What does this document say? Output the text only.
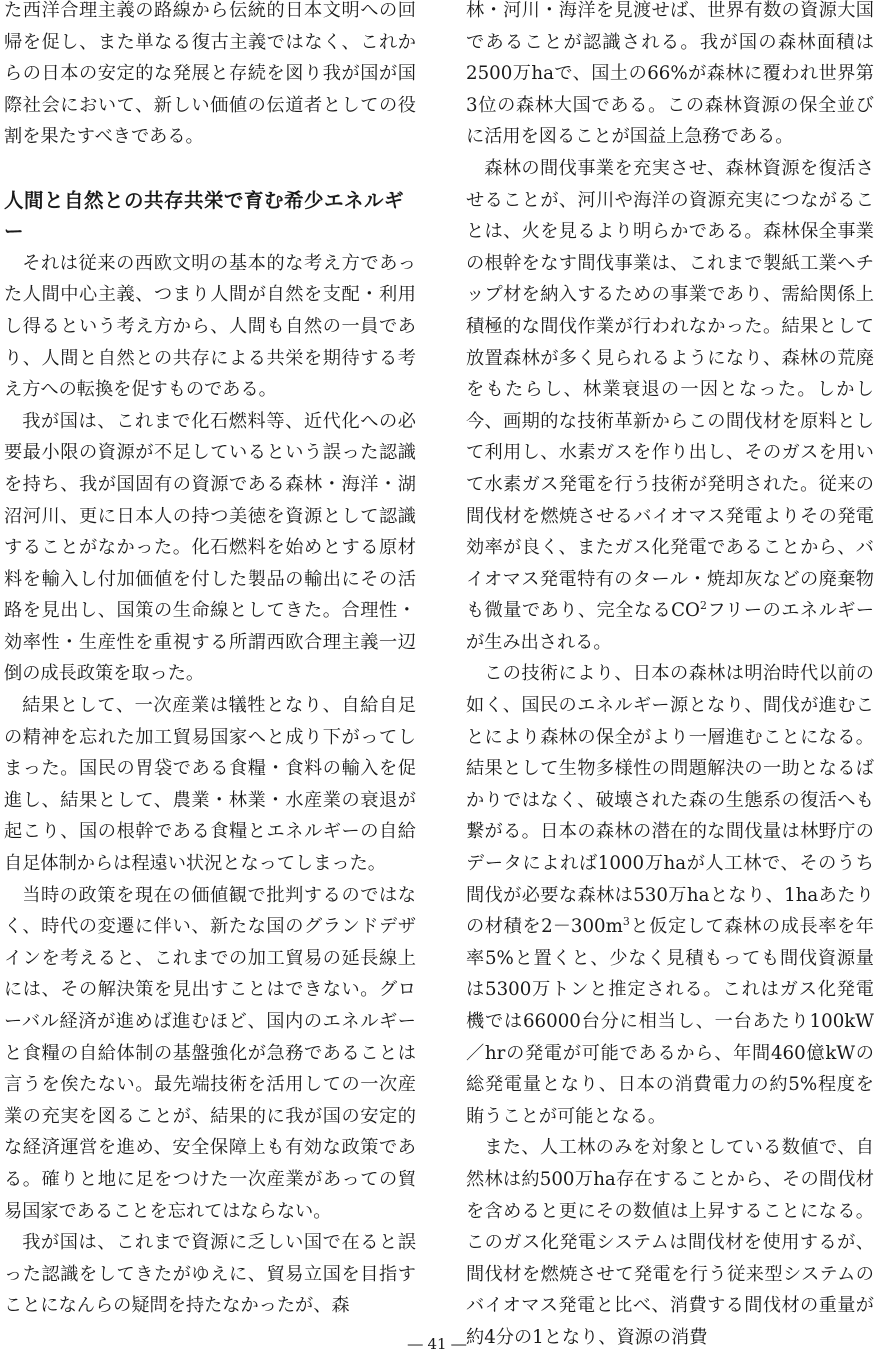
た西洋合理主義の路線から伝統的日本文明への回帰を促し、また単なる復古主義ではなく、これからの日本の安定的な発展と存続を図り我が国が国際社会において、新しい価値の伝道者としての役割を果たすべきである。

人間と自然との共存共栄で育む希少エネルギー

それは従来の西欧文明の基本的な考え方であった人間中心主義、つまり人間が自然を支配・利用し得るという考え方から、人間も自然の一員であり、人間と自然との共存による共栄を期待する考え方への転換を促すものである。

我が国は、これまで化石燃料等、近代化への必要最小限の資源が不足しているという誤った認識を持ち、我が国固有の資源である森林・海洋・湖沼河川、更に日本人の持つ美徳を資源として認識することがなかった。化石燃料を始めとする原材料を輸入し付加価値を付した製品の輸出にその活路を見出し、国策の生命線としてきた。合理性・効率性・生産性を重視する所謂西欧合理主義一辺倒の成長政策を取った。

結果として、一次産業は犠牲となり、自給自足の精神を忘れた加工貿易国家へと成り下がってしまった。国民の胃袋である食糧・食料の輸入を促進し、結果として、農業・林業・水産業の衰退が起こり、国の根幹である食糧とエネルギーの自給自足体制からは程遠い状況となってしまった。

当時の政策を現在の価値観で批判するのではなく、時代の変遷に伴い、新たな国のグランドデザインを考えると、これまでの加工貿易の延長線上には、その解決策を見出すことはできない。グローバル経済が進めば進むほど、国内のエネルギーと食糧の自給体制の基盤強化が急務であることは言うを俟たない。最先端技術を活用しての一次産業の充実を図ることが、結果的に我が国の安定的な経済運営を進め、安全保障上も有効な政策である。確りと地に足をつけた一次産業があっての貿易国家であることを忘れてはならない。

我が国は、これまで資源に乏しい国で在ると誤った認識をしてきたがゆえに、貿易立国を目指すことになんらの疑問を持たなかったが、森

林・河川・海洋を見渡せば、世界有数の資源大国であることが認識される。我が国の森林面積は2500万haで、国土の66%が森林に覆われ世界第3位の森林大国である。この森林資源の保全並びに活用を図ることが国益上急務である。

森林の間伐事業を充実させ、森林資源を復活させることが、河川や海洋の資源充実につながることは、火を見るより明らかである。森林保全事業の根幹をなす間伐事業は、これまで製紙工業へチップ材を納入するための事業であり、需給関係上積極的な間伐作業が行われなかった。結果として放置森林が多く見られるようになり、森林の荒廃をもたらし、林業衰退の一因となった。しかし今、画期的な技術革新からこの間伐材を原料として利用し、水素ガスを作り出し、そのガスを用いて水素ガス発電を行う技術が発明された。従来の間伐材を燃焼させるバイオマス発電よりその発電効率が良く、またガス化発電であることから、バイオマス発電特有のタール・焼却灰などの廃棄物も微量であり、完全なる$CO^2$フリーのエネルギーが生み出される。

この技術により、日本の森林は明治時代以前の如く、国民のエネルギー源となり、間伐が進むことにより森林の保全がより一層進むことになる。結果として生物多様性の問題解決の一助となるばかりではなく、破壊された森の生態系の復活へも繋がる。日本の森林の潜在的な間伐量は林野庁のデータによれば1000万haが人工林で、そのうち間伐が必要な森林は530万haとなり、1haあたりの材積を$2-300m^3$と仮定して森林の成長率を年率5%と置くと、少なく見積もっても間伐資源量は5300万トンと推定される。これはガス化発電機では66000台分に相当し、一台あたり100kW／hrの発電が可能であるから、年間460億kWの総発電量となり、日本の消費電力の約5%程度を賄うことが可能となる。

また、人工林のみを対象としている数値で、自然林は約500万ha存在することから、その間伐材を含めると更にその数値は上昇することになる。このガス化発電システムは間伐材を使用するが、間伐材を燃焼させて発電を行う従来型システムのバイオマス発電と比べ、消費する間伐材の重量が約4分の1となり、資源の消費

― 41 ―
